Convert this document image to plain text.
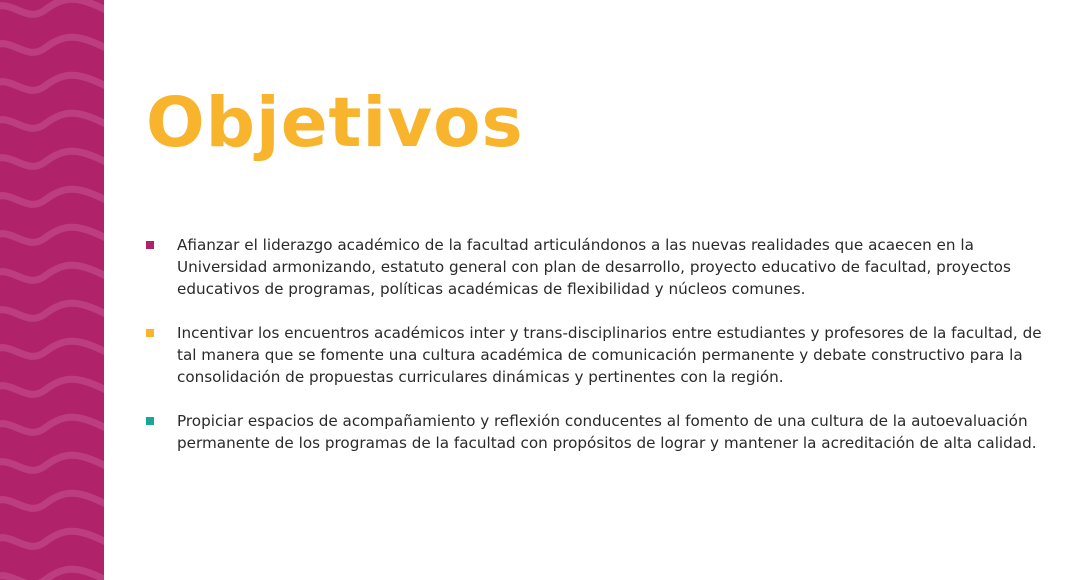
Objetivos
Afianzar el liderazgo académico de la facultad articulándonos a las nuevas realidades que acaecen en la Universidad armonizando, estatuto general con plan de desarrollo, proyecto educativo de facultad, proyectos educativos de programas, políticas académicas de flexibilidad y núcleos comunes.
Incentivar los encuentros académicos inter y trans-disciplinarios entre estudiantes y profesores de la facultad, de tal manera que se fomente una cultura académica de comunicación permanente y debate constructivo para la consolidación de propuestas curriculares dinámicas y pertinentes con la región.
Propiciar espacios de acompañamiento y reflexión conducentes al fomento de una cultura de la autoevaluación permanente de los programas de la facultad con propósitos de lograr y mantener la acreditación de alta calidad.
